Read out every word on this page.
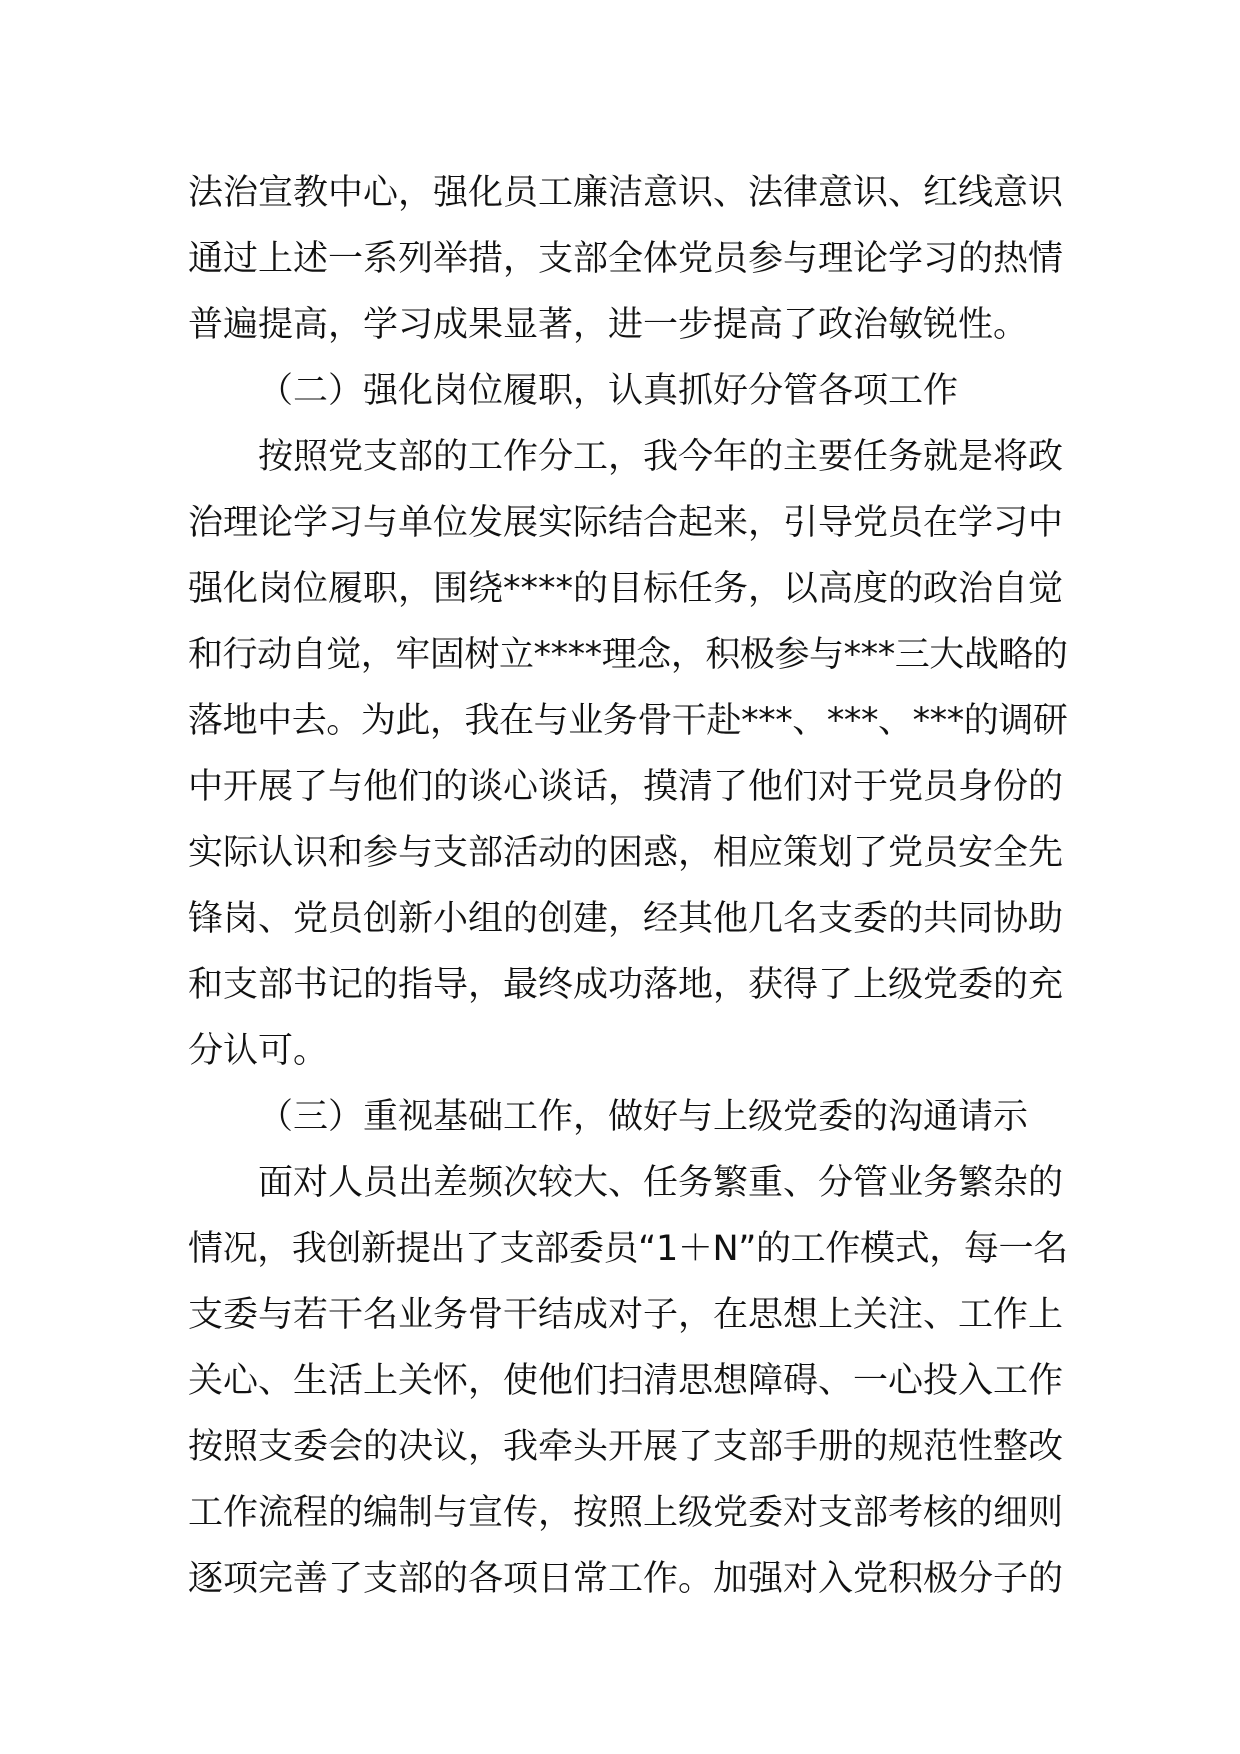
法治宣教中心，强化员工廉洁意识、法律意识、红线意识
通过上述一系列举措，支部全体党员参与理论学习的热情
普遍提高，学习成果显著，进一步提高了政治敏锐性。
（二）强化岗位履职，认真抓好分管各项工作
按照党支部的工作分工，我今年的主要任务就是将政
治理论学习与单位发展实际结合起来，引导党员在学习中
强化岗位履职，围绕****的目标任务，以高度的政治自觉
和行动自觉，牢固树立****理念，积极参与***三大战略的
落地中去。为此，我在与业务骨干赴***、***、***的调研
中开展了与他们的谈心谈话，摸清了他们对于党员身份的
实际认识和参与支部活动的困惑，相应策划了党员安全先
锋岗、党员创新小组的创建，经其他几名支委的共同协助
和支部书记的指导，最终成功落地，获得了上级党委的充
分认可。
（三）重视基础工作，做好与上级党委的沟通请示
面对人员出差频次较大、任务繁重、分管业务繁杂的
情况，我创新提出了支部委员“1＋N”的工作模式，每一名
支委与若干名业务骨干结成对子，在思想上关注、工作上
关心、生活上关怀，使他们扫清思想障碍、一心投入工作
按照支委会的决议，我牵头开展了支部手册的规范性整改
工作流程的编制与宣传，按照上级党委对支部考核的细则
逐项完善了支部的各项日常工作。加强对入党积极分子的
